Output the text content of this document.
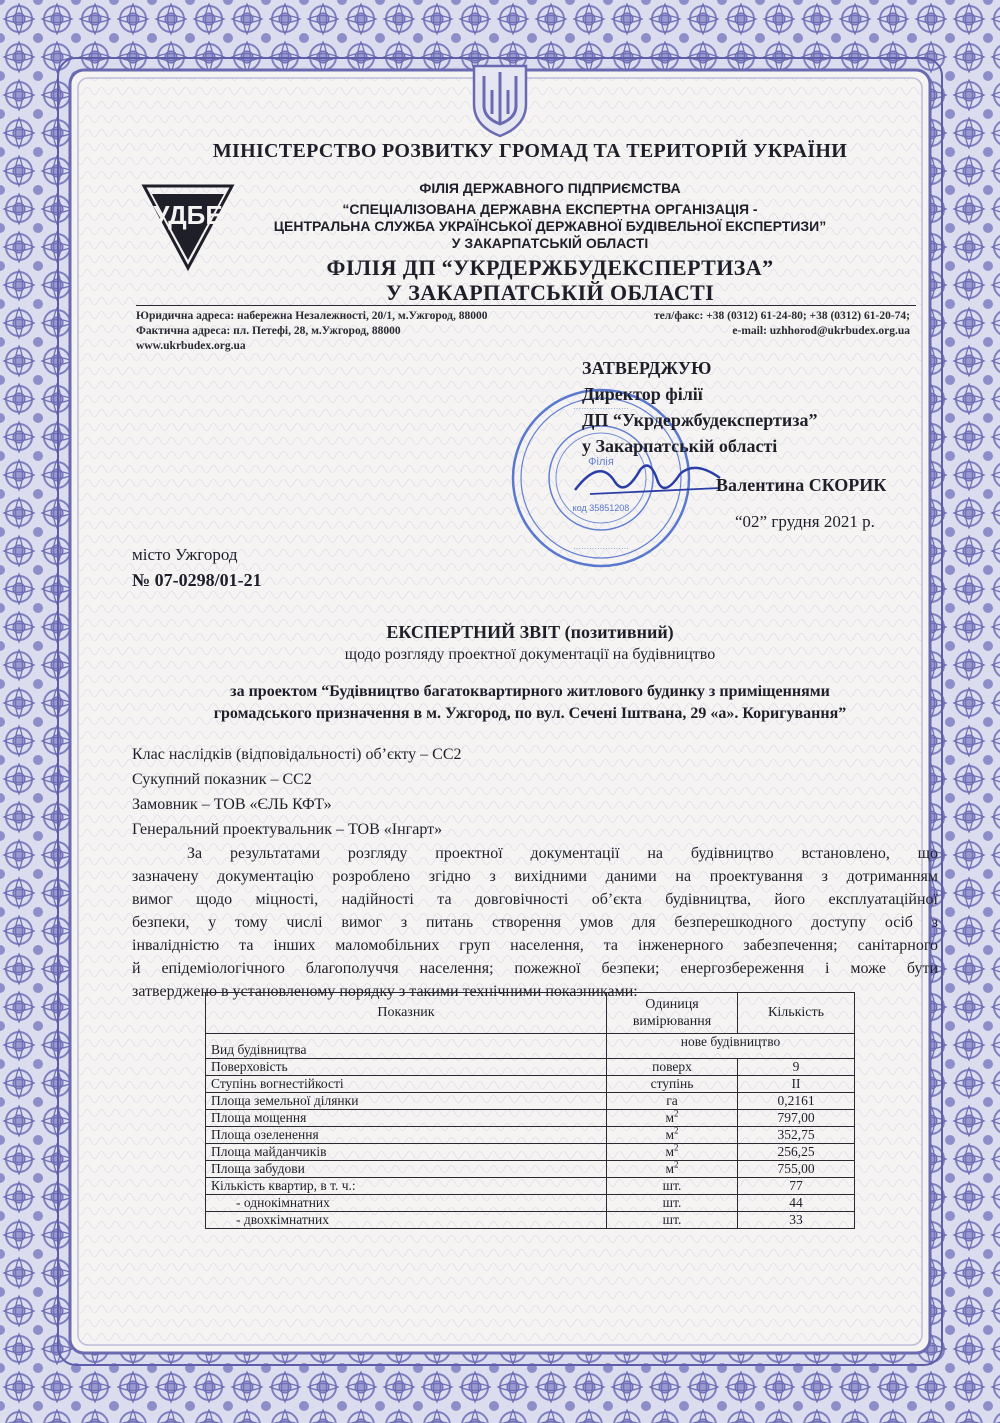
МІНІСТЕРСТВО РОЗВИТКУ ГРОМАД ТА ТЕРИТОРІЙ УКРАЇНИ
УДБЕ
ФІЛІЯ ДЕРЖАВНОГО ПІДПРИЄМСТВА
“СПЕЦІАЛІЗОВАНА ДЕРЖАВНА ЕКСПЕРТНА ОРГАНІЗАЦІЯ -
ЦЕНТРАЛЬНА СЛУЖБА УКРАЇНСЬКОЇ ДЕРЖАВНОЇ БУДІВЕЛЬНОЇ ЕКСПЕРТИЗИ”
У ЗАКАРПАТСЬКІЙ ОБЛАСТІ
ФІЛІЯ ДП “УКРДЕРЖБУДЕКСПЕРТИЗА”
У ЗАКАРПАТСЬКІЙ ОБЛАСТІ
Юридична адреса: набережна Незалежності, 20/1, м.Ужгород, 88000
Фактична адреса: пл. Петефі, 28, м.Ужгород, 88000
www.ukrbudex.org.ua
тел/факс: +38 (0312) 61-24-80; +38 (0312) 61-20-74;
e-mail: uzhhorod@ukrbudex.org.ua
·····················
·····················
Філія
код 35851208
ЗАТВЕРДЖУЮ
Директор філії
ДП “Укрдержбудекспертиза”
у Закарпатській області
Валентина СКОРИК
“02” грудня 2021 р.
місто Ужгород
№ 07-0298/01-21
ЕКСПЕРТНИЙ ЗВІТ (позитивний)
щодо розгляду проектної документації на будівництво
за проектом “Будівництво багатоквартирного житлового будинку з приміщеннями
громадського призначення в м. Ужгород, по вул. Сечені Іштвана, 29 «а». Коригування”
Клас наслідків (відповідальності) об’єкту – СС2
Сукупний показник – СС2
Замовник – ТОВ «ЄЛЬ КФТ»
Генеральний проектувальник – ТОВ «Інгарт»
За результатами розгляду проектної документації на будівництво встановлено, що
зазначену документацію розроблено згідно з вихідними даними на проектування з дотриманням
вимог щодо міцності, надійності та довговічності об’єкта будівництва, його експлуатаційної
безпеки, у тому числі вимог з питань створення умов для безперешкодного доступу осіб з
інвалідністю та інших маломобільних груп населення, та інженерного забезпечення; санітарного
й епідеміологічного благополуччя населення; пожежної безпеки; енергозбереження і може бути
затверджено в установленому порядку з такими технічними показниками:
Показник	Одиниця вимірювання	Кількість
Вид будівництва	нове будівництво	
Поверховість	поверх	9
Ступінь вогнестійкості	ступінь	II
Площа земельної ділянки	га	0,2161
Площа мощення	$м^2$	797,00
Площа озеленення	$м^2$	352,75
Площа майданчиків	$м^2$	256,25
Площа забудови	$м^2$	755,00
Кількість квартир, в т. ч.:	шт.	77
- однокімнатних	шт.	44
- двохкімнатних	шт.	33
